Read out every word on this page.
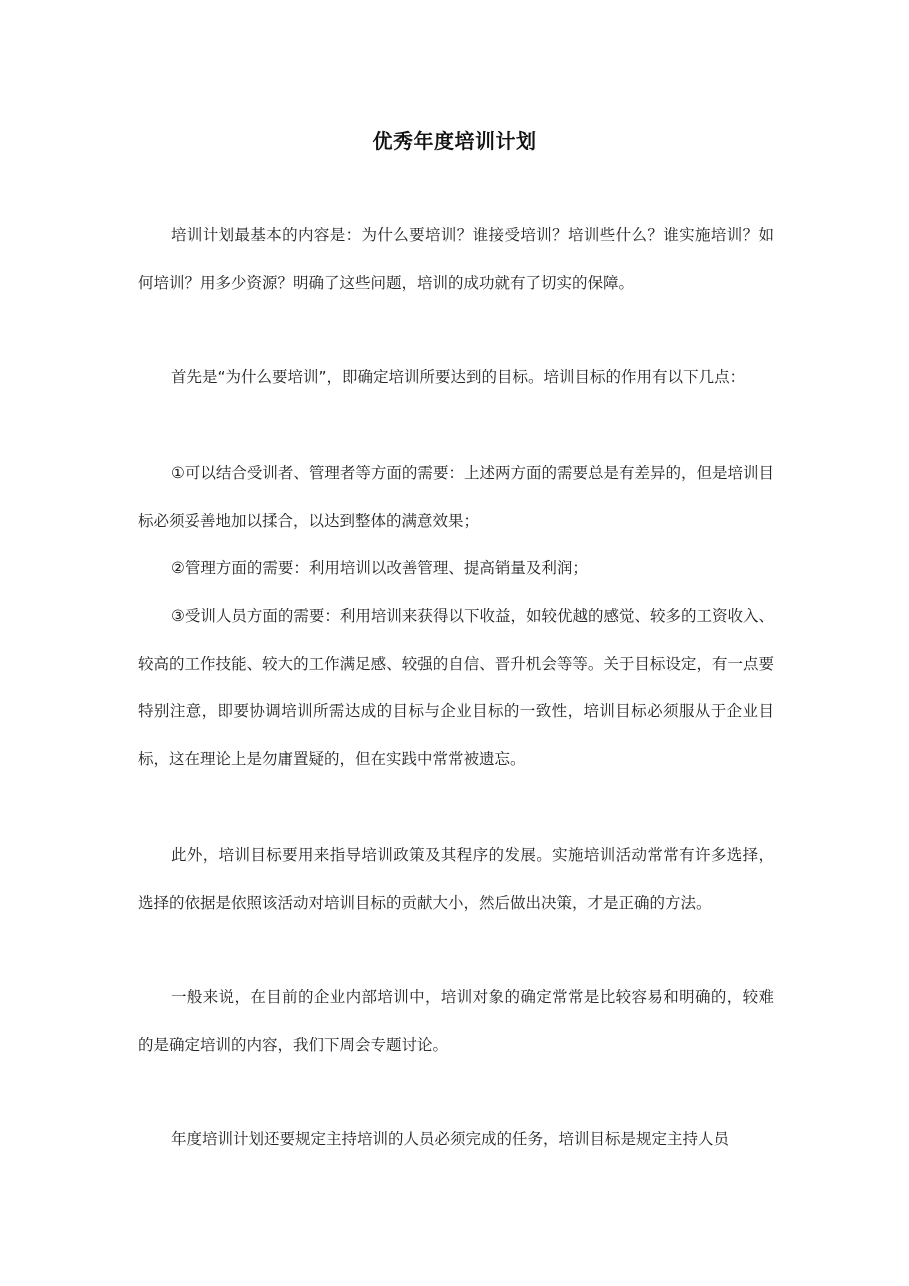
优秀年度培训计划

培训计划最基本的内容是：为什么要培训？谁接受培训？培训些什么？谁实施培训？如何培训？用多少资源？明确了这些问题，培训的成功就有了切实的保障。

首先是“为什么要培训”，即确定培训所要达到的目标。培训目标的作用有以下几点：

①可以结合受训者、管理者等方面的需要：上述两方面的需要总是有差异的，但是培训目标必须妥善地加以揉合，以达到整体的满意效果；

②管理方面的需要：利用培训以改善管理、提高销量及利润；

③受训人员方面的需要：利用培训来获得以下收益，如较优越的感觉、较多的工资收入、较高的工作技能、较大的工作满足感、较强的自信、晋升机会等等。关于目标设定，有一点要特别注意，即要协调培训所需达成的目标与企业目标的一致性，培训目标必须服从于企业目标，这在理论上是勿庸置疑的，但在实践中常常被遗忘。

此外，培训目标要用来指导培训政策及其程序的发展。实施培训活动常常有许多选择，选择的依据是依照该活动对培训目标的贡献大小，然后做出决策，才是正确的方法。

一般来说，在目前的企业内部培训中，培训对象的确定常常是比较容易和明确的，较难的是确定培训的内容，我们下周会专题讨论。

年度培训计划还要规定主持培训的人员必须完成的任务，培训目标是规定主持人员
